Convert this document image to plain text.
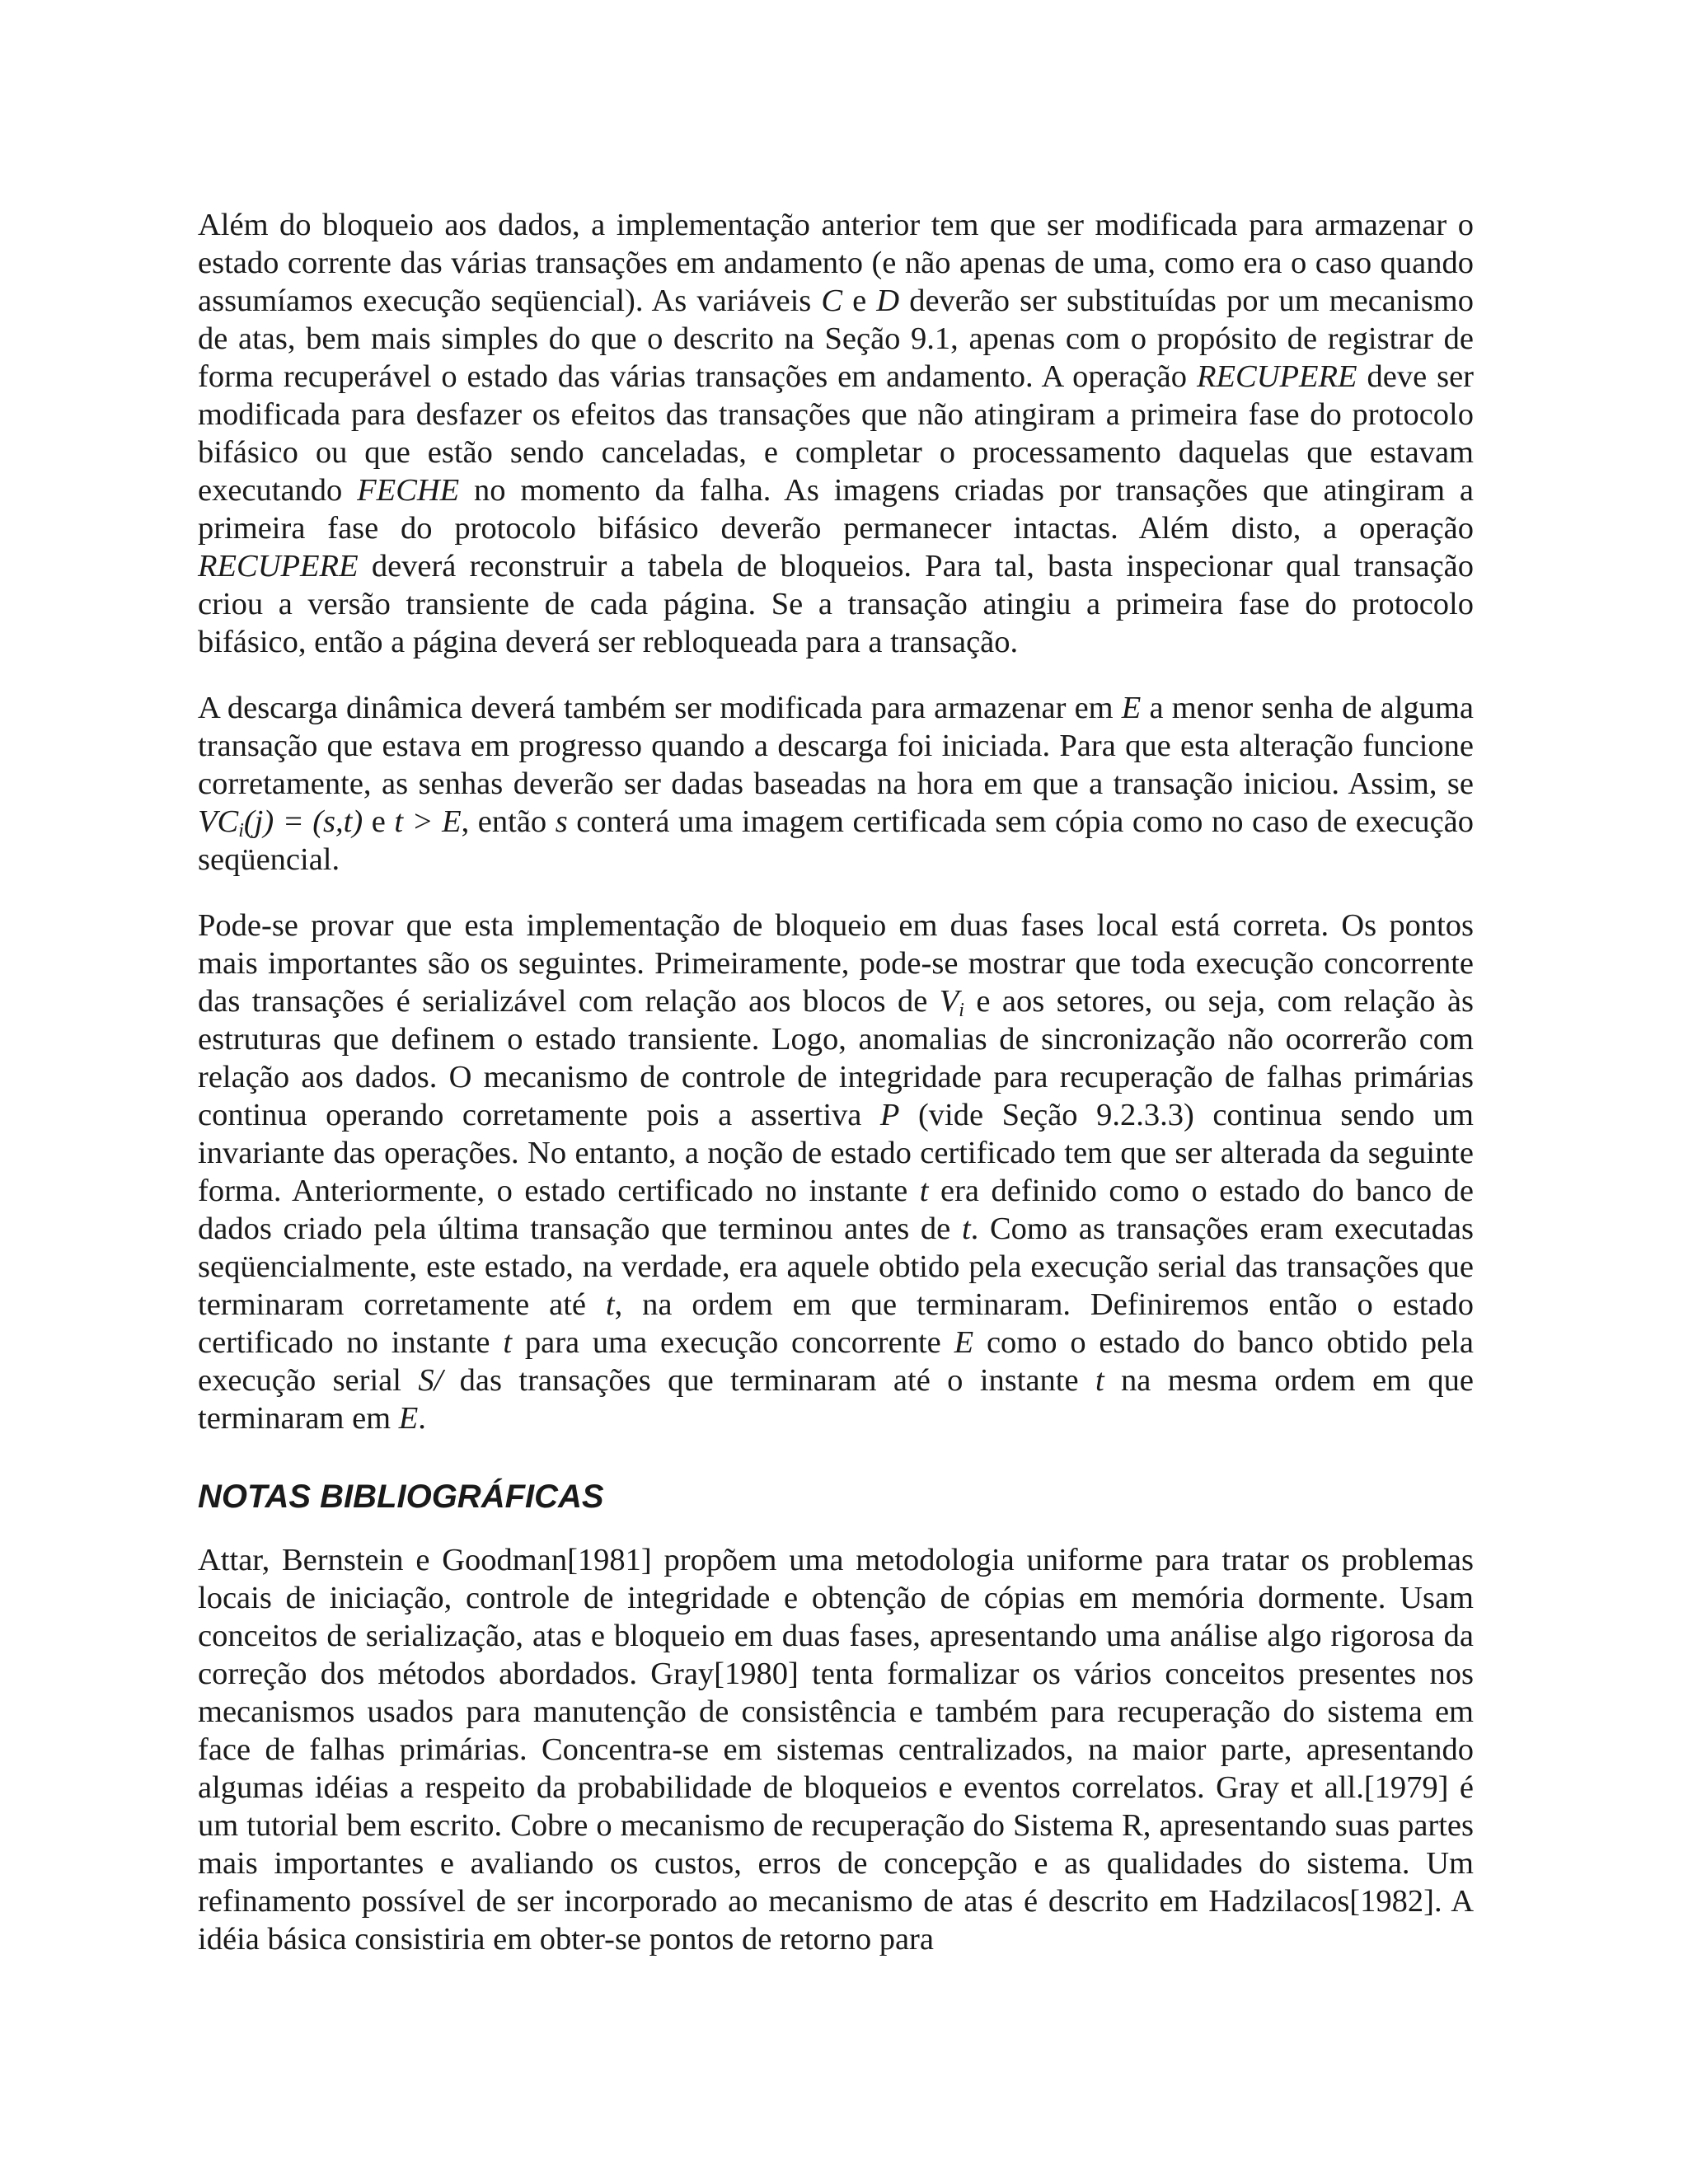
Além do bloqueio aos dados, a implementação anterior tem que ser modificada para armazenar o estado corrente das várias transações em andamento (e não apenas de uma, como era o caso quando assumíamos execução seqüencial). As variáveis C e D deverão ser substituídas por um mecanismo de atas, bem mais simples do que o descrito na Seção 9.1, apenas com o propósito de registrar de forma recuperável o estado das várias transações em andamento. A operação RECUPERE deve ser modificada para desfazer os efeitos das transações que não atingiram a primeira fase do protocolo bifásico ou que estão sendo canceladas, e completar o processamento daquelas que estavam executando FECHE no momento da falha. As imagens criadas por transações que atingiram a primeira fase do protocolo bifásico deverão permanecer intactas. Além disto, a operação RECUPERE deverá reconstruir a tabela de bloqueios. Para tal, basta inspecionar qual transação criou a versão transiente de cada página. Se a transação atingiu a primeira fase do protocolo bifásico, então a página deverá ser rebloqueada para a transação.

A descarga dinâmica deverá também ser modificada para armazenar em E a menor senha de alguma transação que estava em progresso quando a descarga foi iniciada. Para que esta alteração funcione corretamente, as senhas deverão ser dadas baseadas na hora em que a transação iniciou. Assim, se $VC_i(j) = (s,t)$ e t > E, então s conterá uma imagem certificada sem cópia como no caso de execução seqüencial.

Pode-se provar que esta implementação de bloqueio em duas fases local está correta. Os pontos mais importantes são os seguintes. Primeiramente, pode-se mostrar que toda execução concorrente das transações é serializável com relação aos blocos de $V_i$ e aos setores, ou seja, com relação às estruturas que definem o estado transiente. Logo, anomalias de sincronização não ocorrerão com relação aos dados. O mecanismo de controle de integridade para recuperação de falhas primárias continua operando corretamente pois a assertiva P (vide Seção 9.2.3.3) continua sendo um invariante das operações. No entanto, a noção de estado certificado tem que ser alterada da seguinte forma. Anteriormente, o estado certificado no instante t era definido como o estado do banco de dados criado pela última transação que terminou antes de t. Como as transações eram executadas seqüencialmente, este estado, na verdade, era aquele obtido pela execução serial das transações que terminaram corretamente até t, na ordem em que terminaram. Definiremos então o estado certificado no instante t para uma execução concorrente E como o estado do banco obtido pela execução serial S/ das transações que terminaram até o instante t na mesma ordem em que terminaram em E.

NOTAS BIBLIOGRÁFICAS

Attar, Bernstein e Goodman[1981] propõem uma metodologia uniforme para tratar os problemas locais de iniciação, controle de integridade e obtenção de cópias em memória dormente. Usam conceitos de serialização, atas e bloqueio em duas fases, apresentando uma análise algo rigorosa da correção dos métodos abordados. Gray[1980] tenta formalizar os vários conceitos presentes nos mecanismos usados para manutenção de consistência e também para recuperação do sistema em face de falhas primárias. Concentra-se em sistemas centralizados, na maior parte, apresentando algumas idéias a respeito da probabilidade de bloqueios e eventos correlatos. Gray et all.[1979] é um tutorial bem escrito. Cobre o mecanismo de recuperação do Sistema R, apresentando suas partes mais importantes e avaliando os custos, erros de concepção e as qualidades do sistema. Um refinamento possível de ser incorporado ao mecanismo de atas é descrito em Hadzilacos[1982]. A idéia básica consistiria em obter-se pontos de retorno para
